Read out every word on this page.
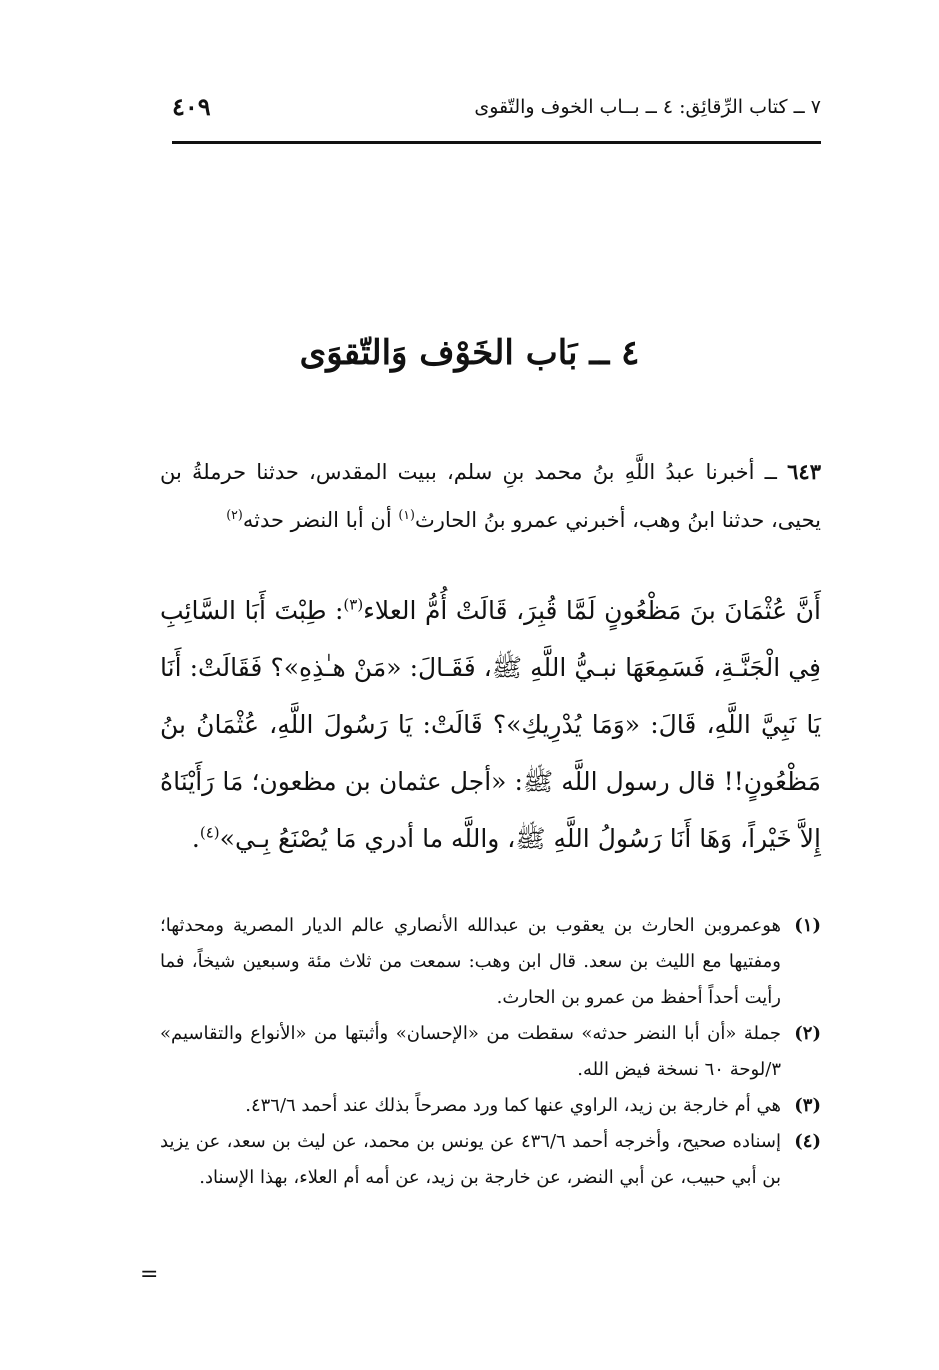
٧ ــ كتاب الرِّقائِق: ٤ ــ بــاب الخوف والتّقوى
٤٠٩
٤ ــ بَاب الخَوْف وَالتّقوَى
٦٤٣ ــ أخبرنا عبدُ اللَّهِ بنُ محمد بنِ سلم، ببيت المقدس، حدثنا حرملةُ بن يحيى، حدثنا ابنُ وهب، أخبرني عمرو بنُ الحارث$^{(١)}$ أن أبا النضر حدثه$^{(٢)}$
أَنَّ عُثْمَانَ بنَ مَظْعُونٍ لَمَّا قُبِرَ، قَالَتْ أُمُّ العلاء$^{(٣)}$: طِبْتَ أَبَا السَّائِبِ فِي الْجَنَّـةِ، فَسَمِعَهَا نبـيُّ اللَّهِ ﷺ، فَقَـالَ: «مَنْ هـٰذِهِ»؟ فَقَالَتْ: أَنَا يَا نَبِيَّ اللَّهِ، قَالَ: «وَمَا يُدْرِيكِ»؟ قَالَتْ: يَا رَسُولَ اللَّهِ، عُثْمَانُ بنُ مَظْعُونٍ!! قال رسول اللَّه ﷺ: «أجل عثمان بن مظعون؛ مَا رَأَيْنَاهُ إِلاَّ خَيْراً، وَهَا أَنَا رَسُولُ اللَّهِ ﷺ، واللَّه ما أدري مَا يُصْنَعُ بِـي»$^{(٤)}$.
(١)
هوعمروبن الحارث بن يعقوب بن عبدالله الأنصاري عالم الديار المصرية ومحدثها؛ ومفتيها مع الليث بن سعد. قال ابن وهب: سمعت من ثلاث مئة وسبعين شيخاً، فما رأيت أحداً أحفظ من عمرو بن الحارث.
(٢)
جملة «أن أبا النضر حدثه» سقطت من «الإحسان» وأثبتها من «الأنواع والتقاسيم» ٣/لوحة ٦٠ نسخة فيض الله.
(٣)
هي أم خارجة بن زيد، الراوي عنها كما ورد مصرحاً بذلك عند أحمد ٤٣٦/٦.
(٤)
إسناده صحيح، وأخرجه أحمد ٤٣٦/٦ عن يونس بن محمد، عن ليث بن سعد، عن يزيد بن أبي حبيب، عن أبي النضر، عن خارجة بن زيد، عن أمه أم العلاء، بهذا الإسناد.
=
